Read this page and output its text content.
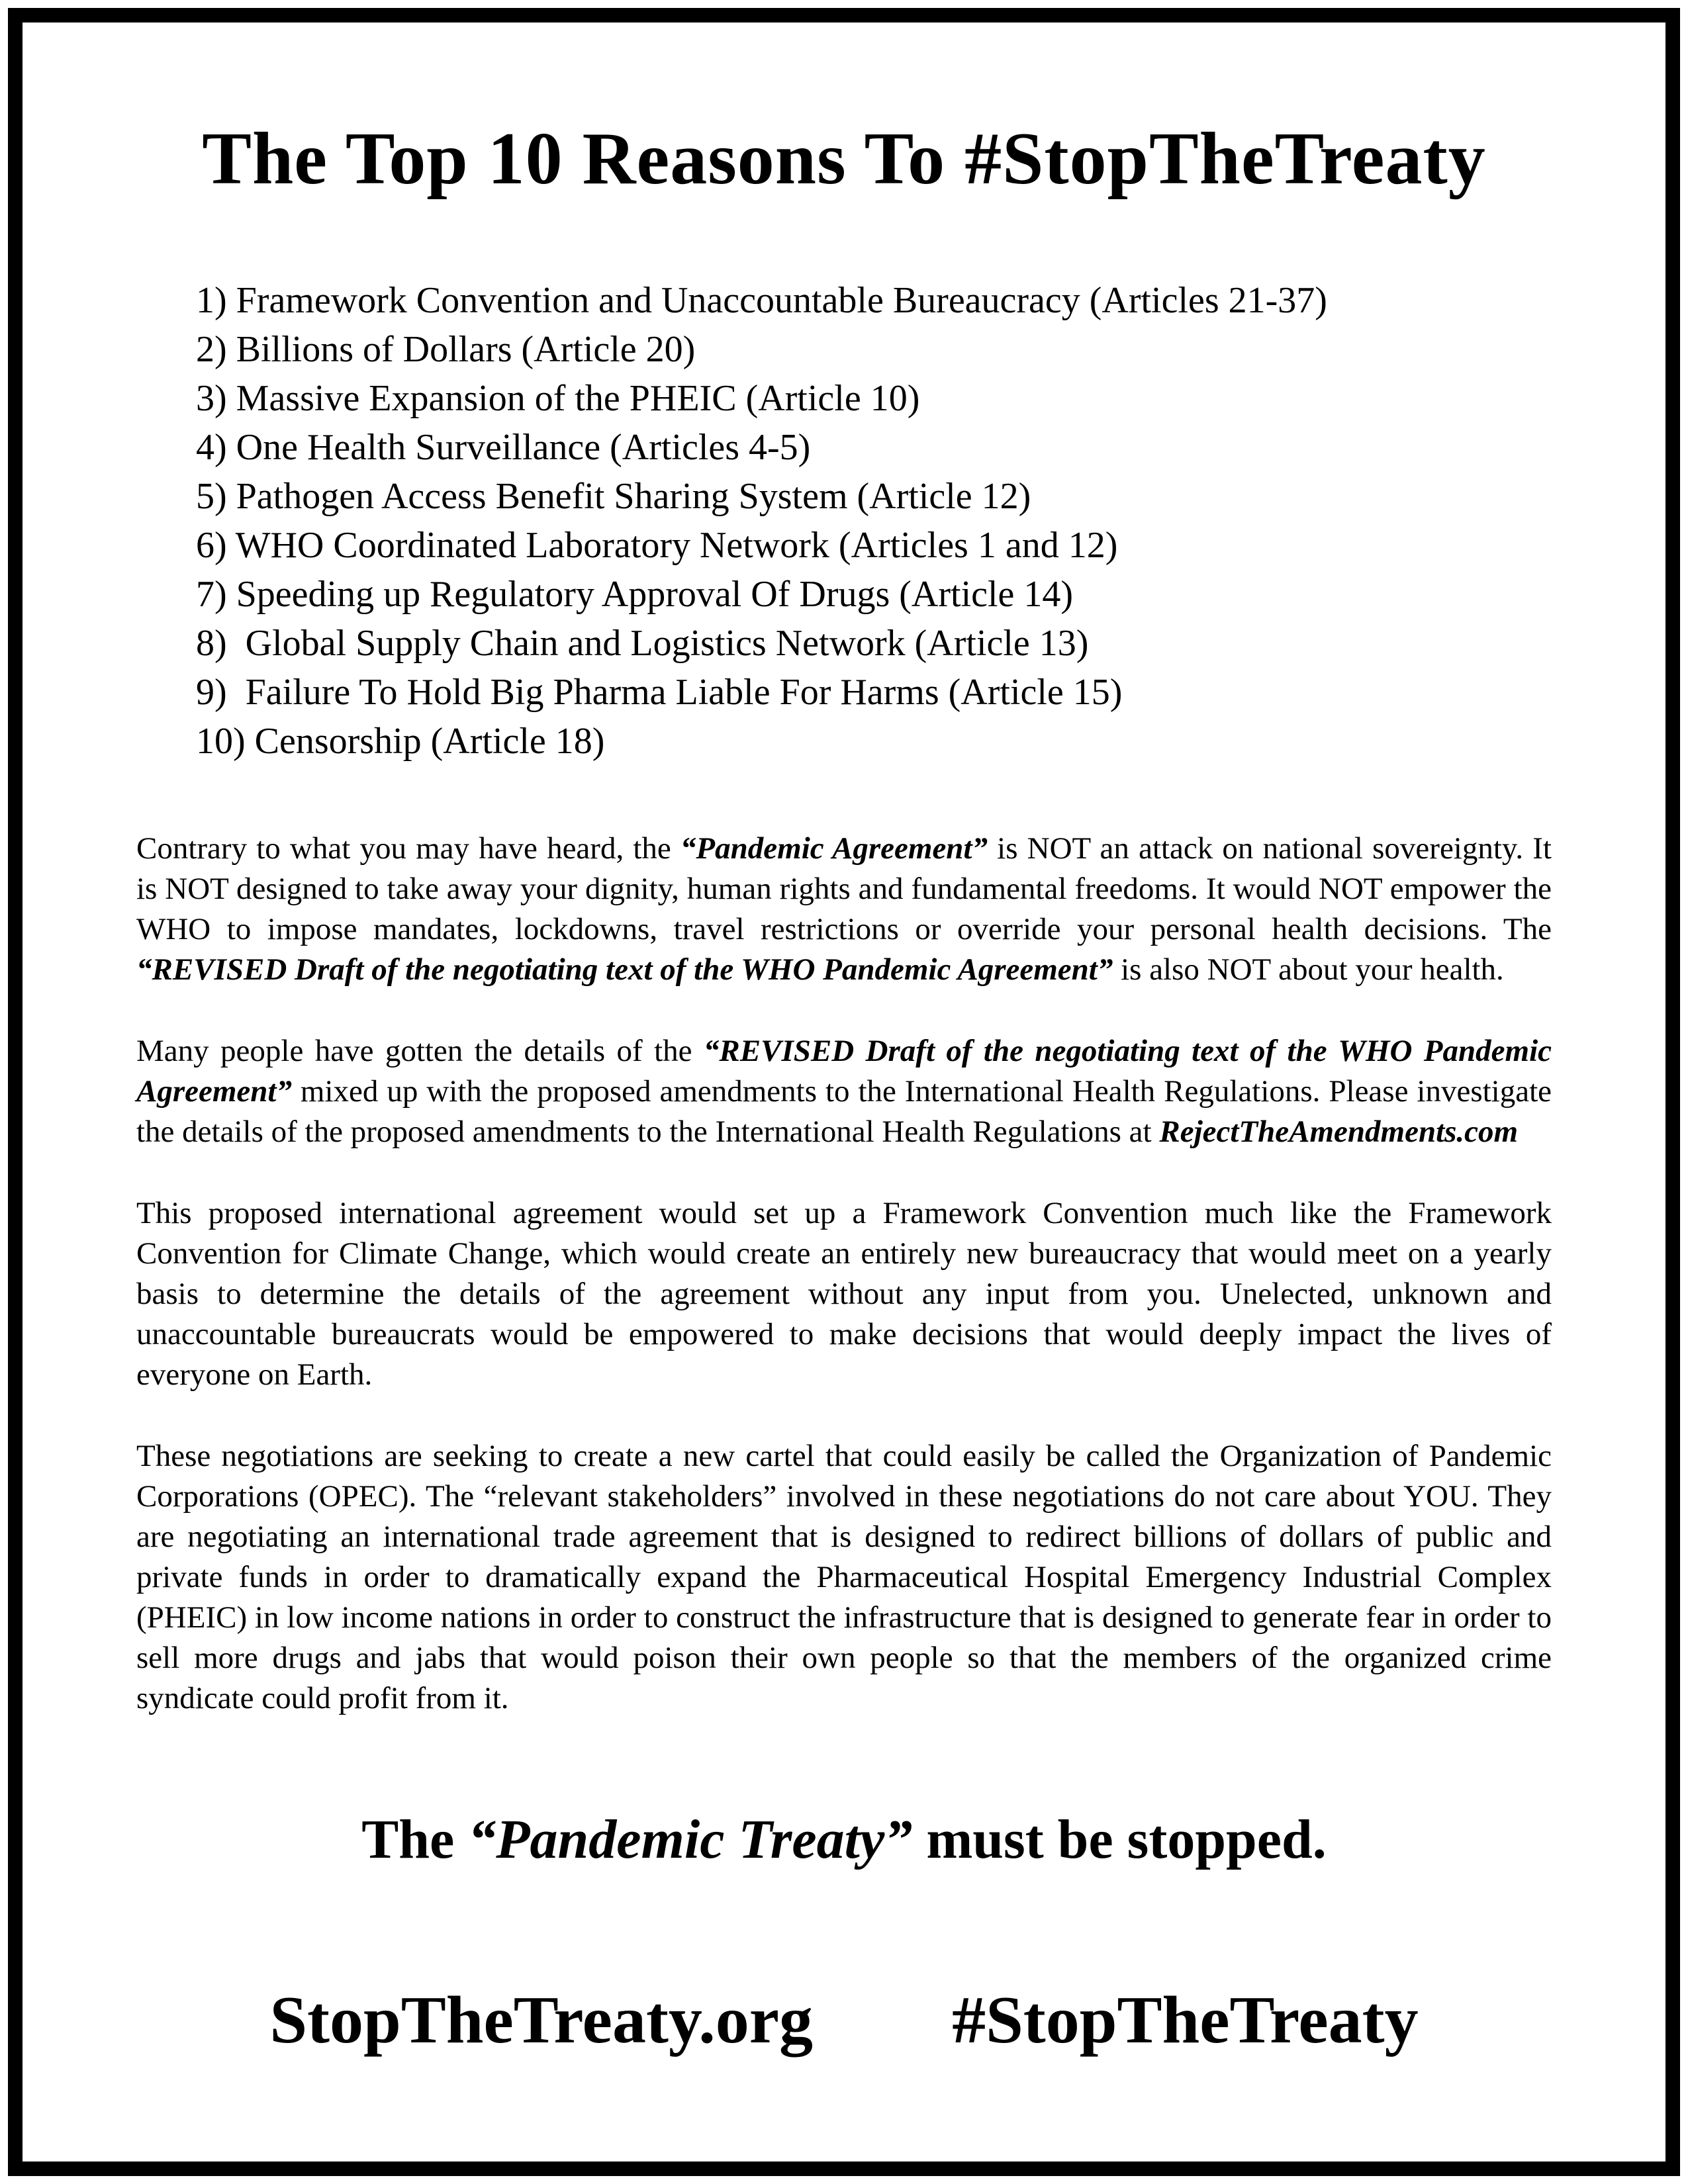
The Top 10 Reasons To #StopTheTreaty
1) Framework Convention and Unaccountable Bureaucracy (Articles 21-37)
2) Billions of Dollars (Article 20)
3) Massive Expansion of the PHEIC (Article 10)
4) One Health Surveillance (Articles 4-5)
5) Pathogen Access Benefit Sharing System (Article 12)
6) WHO Coordinated Laboratory Network (Articles 1 and 12)
7) Speeding up Regulatory Approval Of Drugs (Article 14)
8)  Global Supply Chain and Logistics Network (Article 13)
9)  Failure To Hold Big Pharma Liable For Harms (Article 15)
10) Censorship (Article 18)

Contrary to what you may have heard, the “Pandemic Agreement” is NOT an attack on national sovereignty. It is NOT designed to take away your dignity, human rights and fundamental freedoms. It would NOT empower the WHO to impose mandates, lockdowns, travel restrictions or override your personal health decisions. The “REVISED Draft of the negotiating text of the WHO Pandemic Agreement” is also NOT about your health.

Many people have gotten the details of the “REVISED Draft of the negotiating text of the WHO Pandemic Agreement” mixed up with the proposed amendments to the International Health Regulations. Please investigate the details of the proposed amendments to the International Health Regulations at RejectTheAmendments.com

This proposed international agreement would set up a Framework Convention much like the Framework Convention for Climate Change, which would create an entirely new bureaucracy that would meet on a yearly basis to determine the details of the agreement without any input from you. Unelected, unknown and unaccountable bureaucrats would be empowered to make decisions that would deeply impact the lives of everyone on Earth.

These negotiations are seeking to create a new cartel that could easily be called the Organization of Pandemic Corporations (OPEC). The “relevant stakeholders” involved in these negotiations do not care about YOU. They are negotiating an international trade agreement that is designed to redirect billions of dollars of public and private funds in order to dramatically expand the Pharmaceutical Hospital Emergency Industrial Complex (PHEIC) in low income nations in order to construct the infrastructure that is designed to generate fear in order to sell more drugs and jabs that would poison their own people so that the members of the organized crime syndicate could profit from it.

The “Pandemic Treaty” must be stopped.
StopTheTreaty.org #StopTheTreaty
